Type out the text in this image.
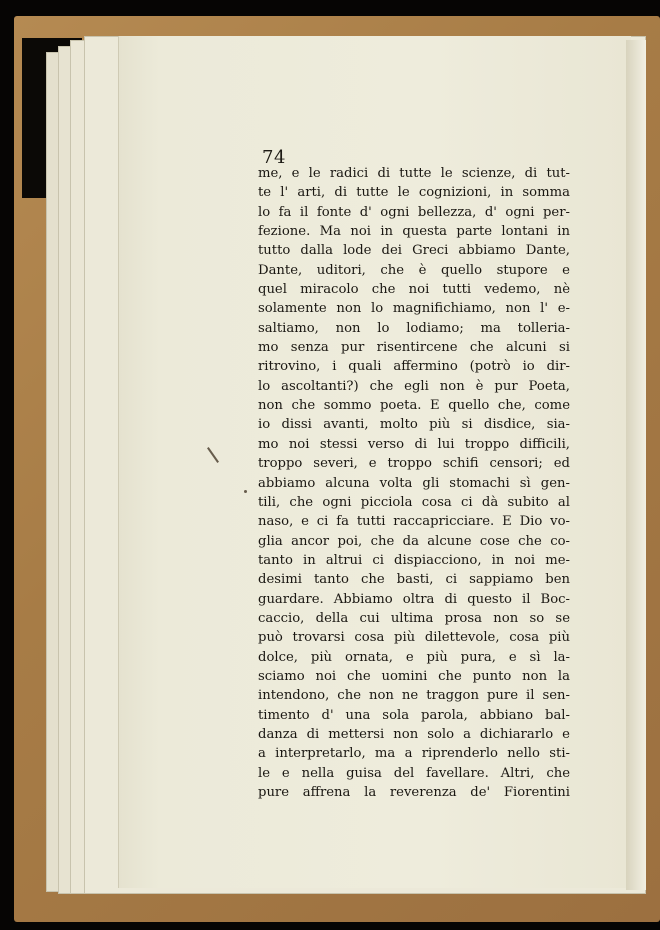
74
me, e le radici di tutte le scienze, di tut-
te l' arti, di tutte le cognizioni, in somma
lo fa il fonte d' ogni bellezza, d' ogni per-
fezione. Ma noi in questa parte lontani in
tutto dalla lode dei Greci abbiamo Dante,
Dante, uditori, che è quello stupore e
quel miracolo che noi tutti vedemo, nè
solamente non lo magnifichiamo, non l' e-
saltiamo, non lo lodiamo; ma tolleria-
mo senza pur risentircene che alcuni si
ritrovino, i quali affermino (potrò io dir-
lo ascoltanti?) che egli non è pur Poeta,
non che sommo poeta. E quello che, come
io dissi avanti, molto più si disdice, sia-
mo noi stessi verso di lui troppo difficili,
troppo severi, e troppo schifi censori; ed
abbiamo alcuna volta gli stomachi sì gen-
tili, che ogni picciola cosa ci dà subito al
naso, e ci fa tutti raccapricciare. E Dio vo-
glia ancor poi, che da alcune cose che co-
tanto in altrui ci dispiacciono, in noi me-
desimi tanto che basti, ci sappiamo ben
guardare. Abbiamo oltra di questo il Boc-
caccio, della cui ultima prosa non so se
può trovarsi cosa più dilettevole, cosa più
dolce, più ornata, e più pura, e sì la-
sciamo noi che uomini che punto non la
intendono, che non ne traggon pure il sen-
timento d' una sola parola, abbiano bal-
danza di mettersi non solo a dichiararlo e
a interpretarlo, ma a riprenderlo nello sti-
le e nella guisa del favellare. Altri, che
pure affrena la reverenza de' Fiorentini
